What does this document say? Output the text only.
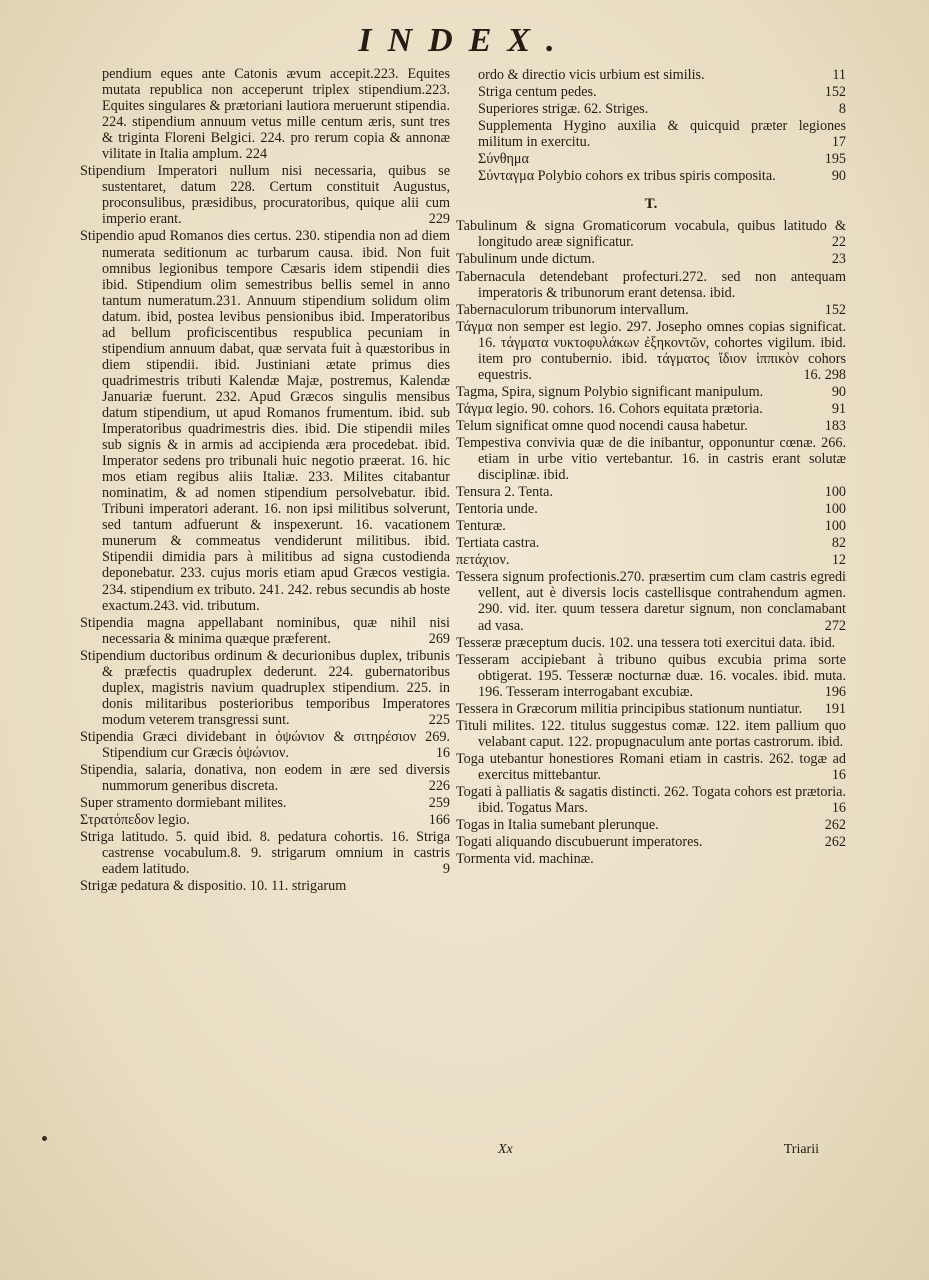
INDEX.

pendium eques ante Catonis ævum accepit.223. Equites mutata republica non acceperunt triplex stipendium.223. Equites singulares & prætoriani lautiora meruerunt stipendia. 224. stipendium annuum vetus mille centum æris, sunt tres & triginta Floreni Belgici. 224. pro rerum copia & annonæ vilitate in Italia amplum. 224

Stipendium Imperatori nullum nisi necessaria, quibus se sustentaret, datum 228. Certum constituit Augustus, proconsulibus, præsidibus, procuratoribus, quique alii cum imperio erant.	229

Stipendio apud Romanos dies certus. 230. stipendia non ad diem numerata seditionum ac turbarum causa. ibid. Non fuit omnibus legionibus tempore Cæsaris idem stipendii dies ibid. Stipendium olim semestribus bellis semel in anno tantum numeratum.231. Annuum stipendium solidum olim datum. ibid, postea levibus pensionibus ibid. Imperatoribus ad bellum proficiscentibus respublica pecuniam in stipendium annuum dabat, quæ servata fuit à quæstoribus in diem stipendii. ibid. Justiniani ætate primus dies quadrimestris tributi Kalendæ Majæ, postremus, Kalendæ Januariæ fuerunt. 232. Apud Græcos singulis mensibus datum stipendium, ut apud Romanos frumentum. ibid. sub Imperatoribus quadrimestris dies. ibid. Die stipendii miles sub signis & in armis ad accipienda æra procedebat. ibid. Imperator sedens pro tribunali huic negotio præerat. 16. hic mos etiam regibus aliis Italiæ. 233. Milites citabantur nominatim, & ad nomen stipendium persolvebatur. ibid. Tribuni imperatori aderant. 16. non ipsi militibus solverunt, sed tantum adfuerunt & inspexerunt. 16. vacationem munerum & commeatus vendiderunt militibus. ibid. Stipendii dimidia pars à militibus ad signa custodienda deponebatur. 233. cujus moris etiam apud Græcos vestigia. 234. stipendium ex tributo. 241. 242. rebus secundis ab hoste exactum.243. vid. tributum.

Stipendia magna appellabant nominibus, quæ nihil nisi necessaria & minima quæque præferent.	269

Stipendium ductoribus ordinum & decurionibus duplex, tribunis & præfectis quadruplex dederunt. 224. gubernatoribus duplex, magistris navium quadruplex stipendium. 225. in donis militaribus posterioribus temporibus Imperatores modum veterem transgressi sunt.	225

Stipendia Græci dividebant in ὀψώνιον & σιτηρέσιον 269. Stipendium cur Græcis ὀψώνιον.	16

Stipendia, salaria, donativa, non eodem in ære sed diversis nummorum generibus discreta.	226

Super stramento dormiebant milites.	259

Στρατόπεδον legio.	166

Striga latitudo. 5. quid ibid. 8. pedatura cohortis. 16. Striga castrense vocabulum.8. 9. strigarum omnium in castris eadem latitudo.	9

Strigæ pedatura & dispositio. 10. 11. strigarum

ordo & directio vicis urbium est similis.	11

Striga centum pedes.	152

Superiores strigæ. 62. Striges.	8

Supplementa Hygino auxilia & quicquid præter legiones militum in exercitu.	17

Σύνθημα	195

Σύνταγμα Polybio cohors ex tribus spiris composita.	90

T.

Tabulinum & signa Gromaticorum vocabula, quibus latitudo & longitudo areæ significatur.	22

Tabulinum unde dictum.	23

Tabernacula detendebant profecturi.272. sed non antequam imperatoris & tribunorum erant detensa. ibid.

Tabernaculorum tribunorum intervallum.	152

Τάγμα non semper est legio. 297. Josepho omnes copias significat. 16. τάγματα νυκτοφυλάκων ἐξηκοντῶν, cohortes vigilum. ibid. item pro contubernio. ibid. τάγματος ἴδιον ἱππικὸν cohors equestris.	16. 298

Tagma, Spira, signum Polybio significant manipulum.	90

Τάγμα legio. 90. cohors. 16. Cohors equitata prætoria.	91

Telum significat omne quod nocendi causa habetur.	183

Tempestiva convivia quæ de die inibantur, opponuntur cœnæ. 266. etiam in urbe vitio vertebantur. 16. in castris erant solutæ disciplinæ. ibid.

Tensura 2. Tenta.	100

Tentoria unde.	100

Tenturæ.	100

Tertiata castra.	82

πετάχιον.	12

Tessera signum profectionis.270. præsertim cum clam castris egredi vellent, aut è diversis locis castellisque contrahendum agmen. 290. vid. iter. quum tessera daretur signum, non conclamabant ad vasa.	272

Tesseræ præceptum ducis. 102. una tessera toti exercitui data. ibid.

Tesseram accipiebant à tribuno quibus excubia prima sorte obtigerat. 195. Tesseræ nocturnæ duæ. 16. vocales. ibid. muta. 196. Tesseram interrogabant excubiæ.	196

Tessera in Græcorum militia principibus stationum nuntiatur.	191

Tituli milites. 122. titulus suggestus comæ. 122. item pallium quo velabant caput. 122. propugnaculum ante portas castrorum. ibid.

Toga utebantur honestiores Romani etiam in castris. 262. togæ ad exercitus mittebantur.	16

Togati à palliatis & sagatis distincti. 262. Togata cohors est prætoria. ibid. Togatus Mars.	16

Togas in Italia sumebant plerunque.	262

Togati aliquando discubuerunt imperatores.	262

Tormenta vid. machinæ.

Xx	Triarii
